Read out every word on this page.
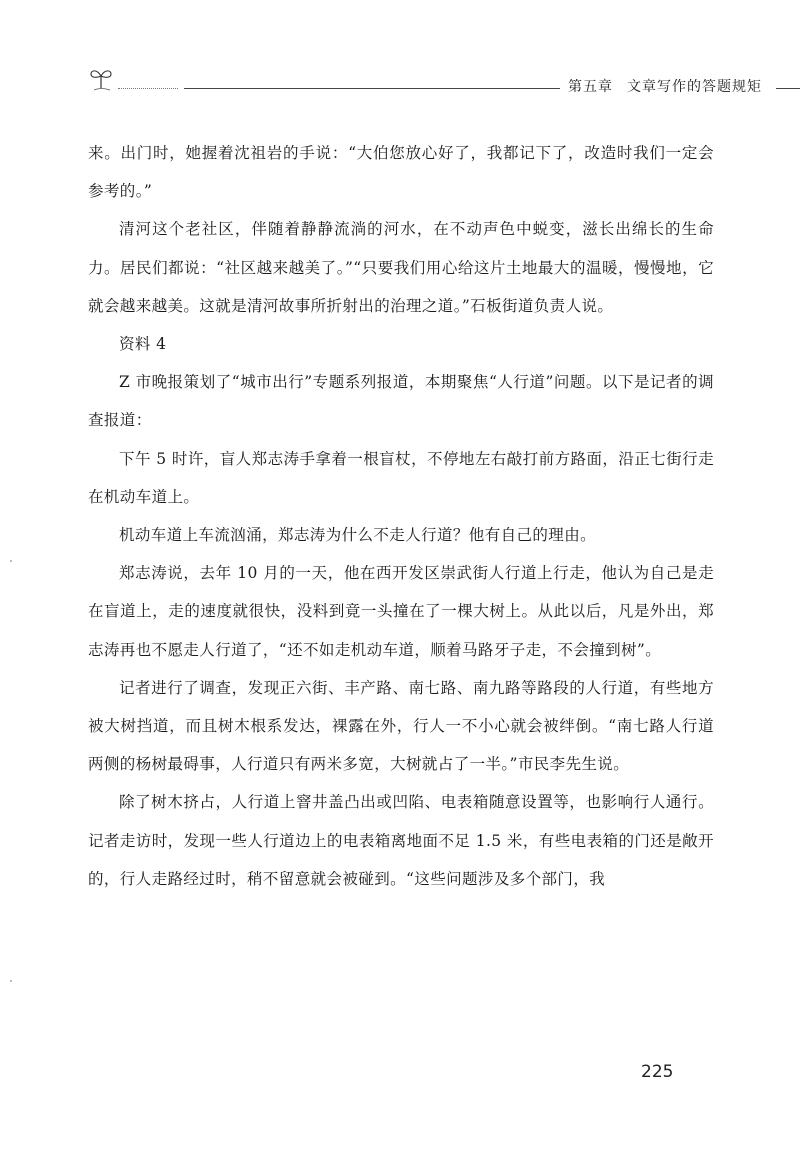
第五章 文章写作的答题规矩

来。出门时，她握着沈祖岩的手说：“大伯您放心好了，我都记下了，改造时我们一定会参考的。”

清河这个老社区，伴随着静静流淌的河水，在不动声色中蜕变，滋长出绵长的生命力。居民们都说：“社区越来越美了。”“只要我们用心给这片土地最大的温暖，慢慢地，它就会越来越美。这就是清河故事所折射出的治理之道。”石板街道负责人说。

资料 4

Z 市晚报策划了“城市出行”专题系列报道，本期聚焦“人行道”问题。以下是记者的调查报道：

下午 5 时许，盲人郑志涛手拿着一根盲杖，不停地左右敲打前方路面，沿正七街行走在机动车道上。

机动车道上车流汹涌，郑志涛为什么不走人行道？他有自己的理由。

郑志涛说，去年 10 月的一天，他在西开发区崇武街人行道上行走，他认为自己是走在盲道上，走的速度就很快，没料到竟一头撞在了一棵大树上。从此以后，凡是外出，郑志涛再也不愿走人行道了，“还不如走机动车道，顺着马路牙子走，不会撞到树”。

记者进行了调查，发现正六街、丰产路、南七路、南九路等路段的人行道，有些地方被大树挡道，而且树木根系发达，裸露在外，行人一不小心就会被绊倒。“南七路人行道两侧的杨树最碍事，人行道只有两米多宽，大树就占了一半。”市民李先生说。

除了树木挤占，人行道上窨井盖凸出或凹陷、电表箱随意设置等，也影响行人通行。记者走访时，发现一些人行道边上的电表箱离地面不足 1.5 米，有些电表箱的门还是敞开的，行人走路经过时，稍不留意就会被碰到。“这些问题涉及多个部门，我

225
